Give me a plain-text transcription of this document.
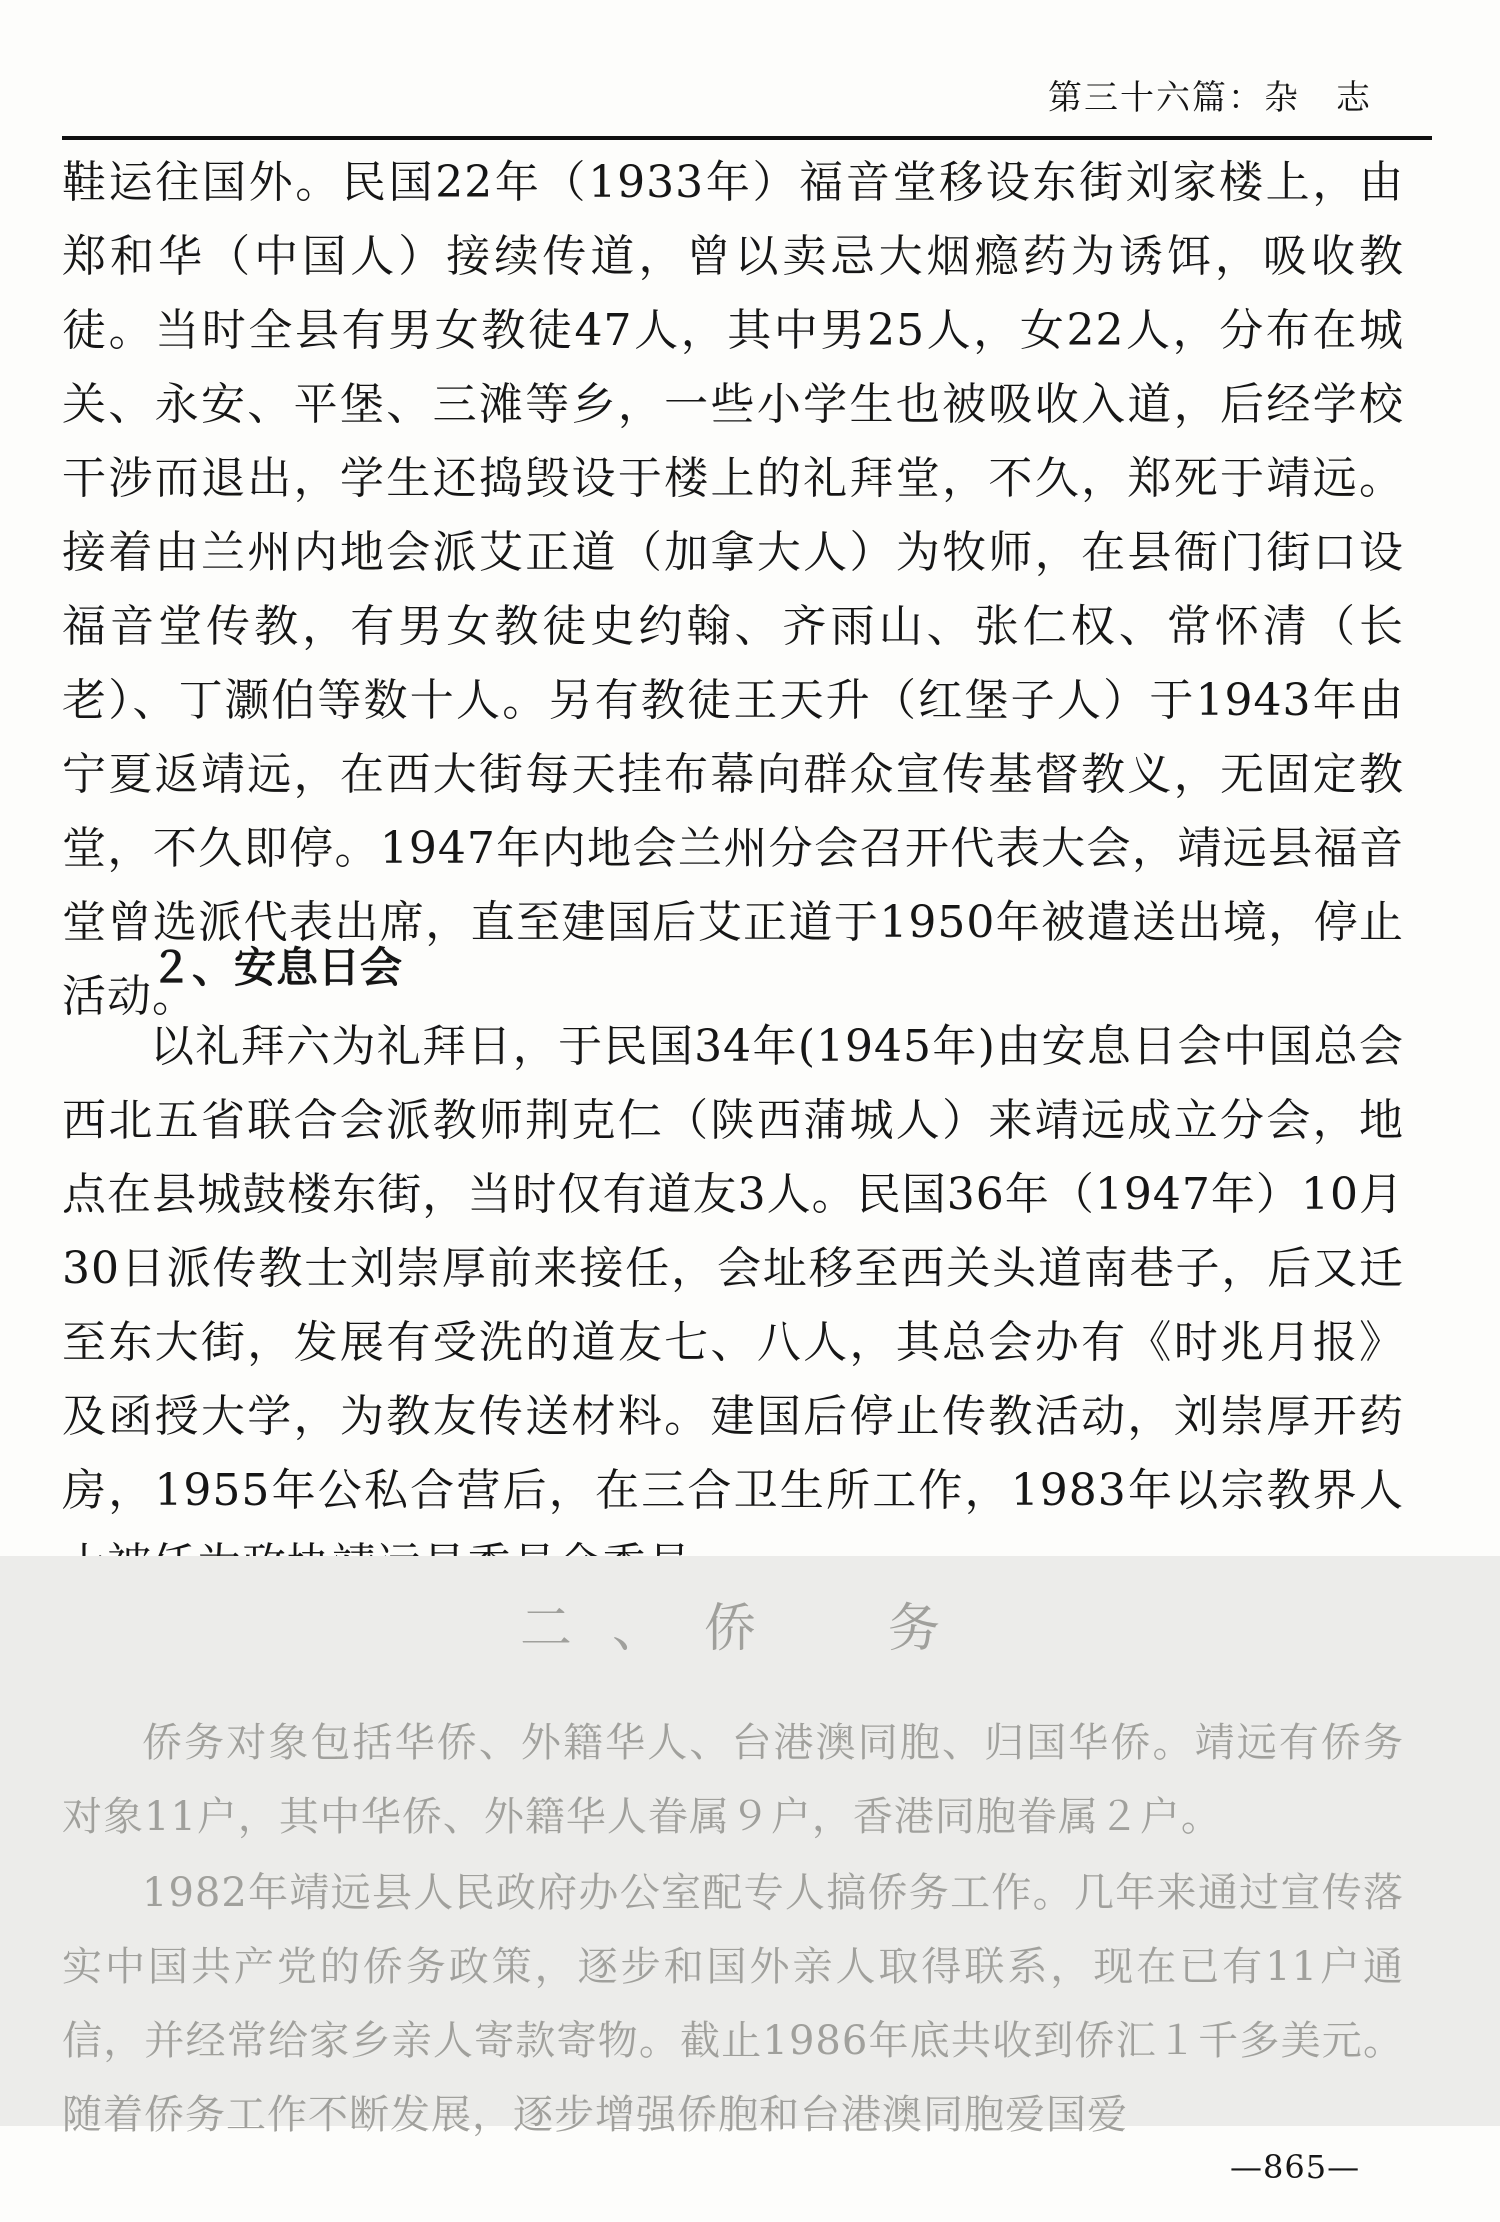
第三十六篇：杂　志

鞋运往国外。民国22年（1933年）福音堂移设东街刘家楼上，由郑和华（中国人）接续传道，曾以卖忌大烟瘾药为诱饵，吸收教徒。当时全县有男女教徒47人，其中男25人，女22人，分布在城关、永安、平堡、三滩等乡，一些小学生也被吸收入道，后经学校干涉而退出，学生还捣毁设于楼上的礼拜堂，不久，郑死于靖远。接着由兰州内地会派艾正道（加拿大人）为牧师，在县衙门街口设福音堂传教，有男女教徒史约翰、齐雨山、张仁权、常怀清（长老）、丁灏伯等数十人。另有教徒王天升（红堡子人）于1943年由宁夏返靖远，在西大街每天挂布幕向群众宣传基督教义，无固定教堂，不久即停。1947年内地会兰州分会召开代表大会，靖远县福音堂曾选派代表出席，直至建国后艾正道于1950年被遣送出境，停止活动。

２、安息日会

以礼拜六为礼拜日，于民国34年(1945年)由安息日会中国总会西北五省联合会派教师荆克仁（陕西蒲城人）来靖远成立分会，地点在县城鼓楼东街，当时仅有道友3人。民国36年（1947年）10月30日派传教士刘崇厚前来接任，会址移至西关头道南巷子，后又迁至东大街，发展有受洗的道友七、八人，其总会办有《时兆月报》及函授大学，为教友传送材料。建国后停止传教活动，刘崇厚开药房，1955年公私合营后，在三合卫生所工作，1983年以宗教界人

二、侨　务

侨务对象包括华侨、外籍华人、台港澳同胞、归国华侨。靖远有侨务对象11户，其中华侨、外籍华人眷属９户，香港同胞眷属２户。

1982年靖远县人民政府办公室配专人搞侨务工作。几年来通过宣传落实中国共产党的侨务政策，逐步和国外亲人取得联系，现在已有11户通信，并经常给家乡亲人寄款寄物。截止1986年底共收到侨汇１千多美元。随着侨务工作不断发展，逐步增强侨胞和台港澳同胞爱国爱

—865—
